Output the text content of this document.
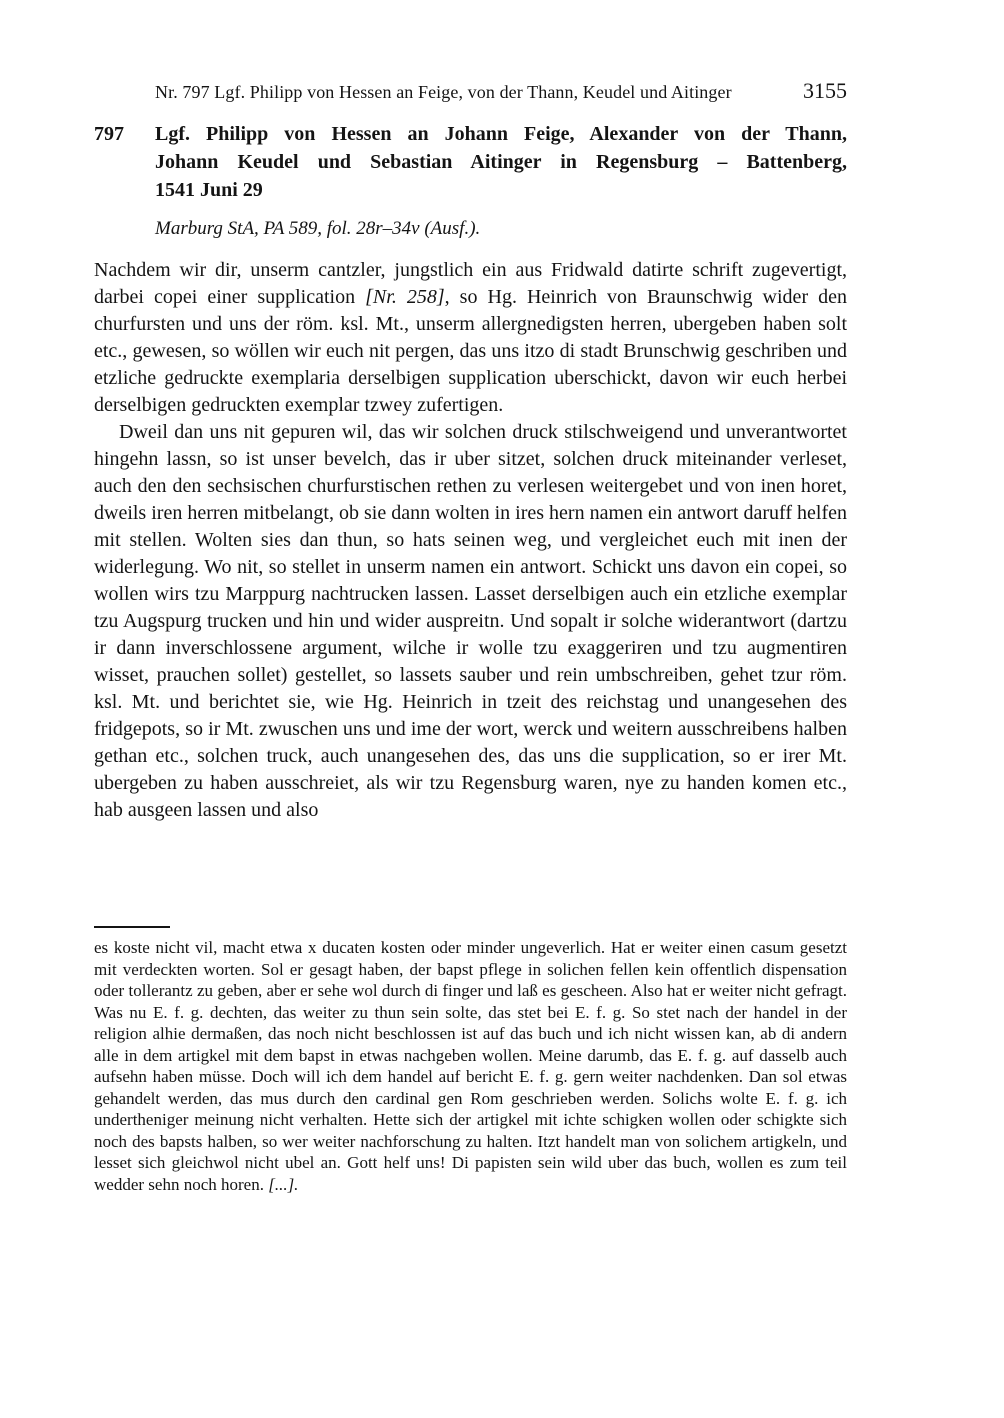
Nr. 797 Lgf. Philipp von Hessen an Feige, von der Thann, Keudel und Aitinger	3155
797	Lgf. Philipp von Hessen an Johann Feige, Alexander von der Thann,
Johann Keudel und Sebastian Aitinger in Regensburg – Battenberg,
1541 Juni 29
Marburg StA, PA 589, fol. 28r–34v (Ausf.).

Nachdem wir dir, unserm cantzler, jungstlich ein aus Fridwald datirte schrift zugevertigt, darbei copei einer supplication [Nr. 258], so Hg. Heinrich von Braunschwig wider den churfursten und uns der röm. ksl. Mt., unserm allergnedigsten herren, ubergeben haben solt etc., gewesen, so wöllen wir euch nit pergen, das uns itzo di stadt Brunschwig geschriben und etzliche gedruckte exemplaria derselbigen supplication uberschickt, davon wir euch herbei derselbigen gedruckten exemplar tzwey zufertigen.

Dweil dan uns nit gepuren wil, das wir solchen druck stilschweigend und unverantwortet hingehn lassn, so ist unser bevelch, das ir uber sitzet, solchen druck miteinander verleset, auch den den sechsischen churfurstischen rethen zu verlesen weitergebet und von inen horet, dweils iren herren mitbelangt, ob sie dann wolten in ires hern namen ein antwort daruff helfen mit stellen. Wolten sies dan thun, so hats seinen weg, und vergleichet euch mit inen der widerlegung. Wo nit, so stellet in unserm namen ein antwort. Schickt uns davon ein copei, so wollen wirs tzu Marppurg nachtrucken lassen. Lasset derselbigen auch ein etzliche exemplar tzu Augspurg trucken und hin und wider auspreitn. Und sopalt ir solche widerantwort (dartzu ir dann inverschlossene argument, wilche ir wolle tzu exaggeriren und tzu augmentiren wisset, prauchen sollet) gestellet, so lassets sauber und rein umbschreiben, gehet tzur röm. ksl. Mt. und berichtet sie, wie Hg. Heinrich in tzeit des reichstag und unangesehen des fridgepots, so ir Mt. zwuschen uns und ime der wort, werck und weitern ausschreibens halben gethan etc., solchen truck, auch unangesehen des, das uns die supplication, so er irer Mt. ubergeben zu haben ausschreiet, als wir tzu Regensburg waren, nye zu handen komen etc., hab ausgeen lassen und also

es koste nicht vil, macht etwa x ducaten kosten oder minder ungeverlich. Hat er weiter einen casum gesetzt mit verdeckten worten. Sol er gesagt haben, der bapst pflege in solichen fellen kein offentlich dispensation oder tollerantz zu geben, aber er sehe wol durch di finger und laß es gescheen. Also hat er weiter nicht gefragt. Was nu E. f. g. dechten, das weiter zu thun sein solte, das stet bei E. f. g. So stet nach der handel in der religion alhie dermaßen, das noch nicht beschlossen ist auf das buch und ich nicht wissen kan, ab di andern alle in dem artigkel mit dem bapst in etwas nachgeben wollen. Meine darumb, das E. f. g. auf dasselb auch aufsehn haben müsse. Doch will ich dem handel auf bericht E. f. g. gern weiter nachdenken. Dan sol etwas gehandelt werden, das mus durch den cardinal gen Rom geschrieben werden. Solichs wolte E. f. g. ich undertheniger meinung nicht verhalten. Hette sich der artigkel mit ichte schigken wollen oder schigkte sich noch des bapsts halben, so wer weiter nachforschung zu halten. Itzt handelt man von solichem artigkeln, und lesset sich gleichwol nicht ubel an. Gott helf uns! Di papisten sein wild uber das buch, wollen es zum teil wedder sehn noch horen. [...].
